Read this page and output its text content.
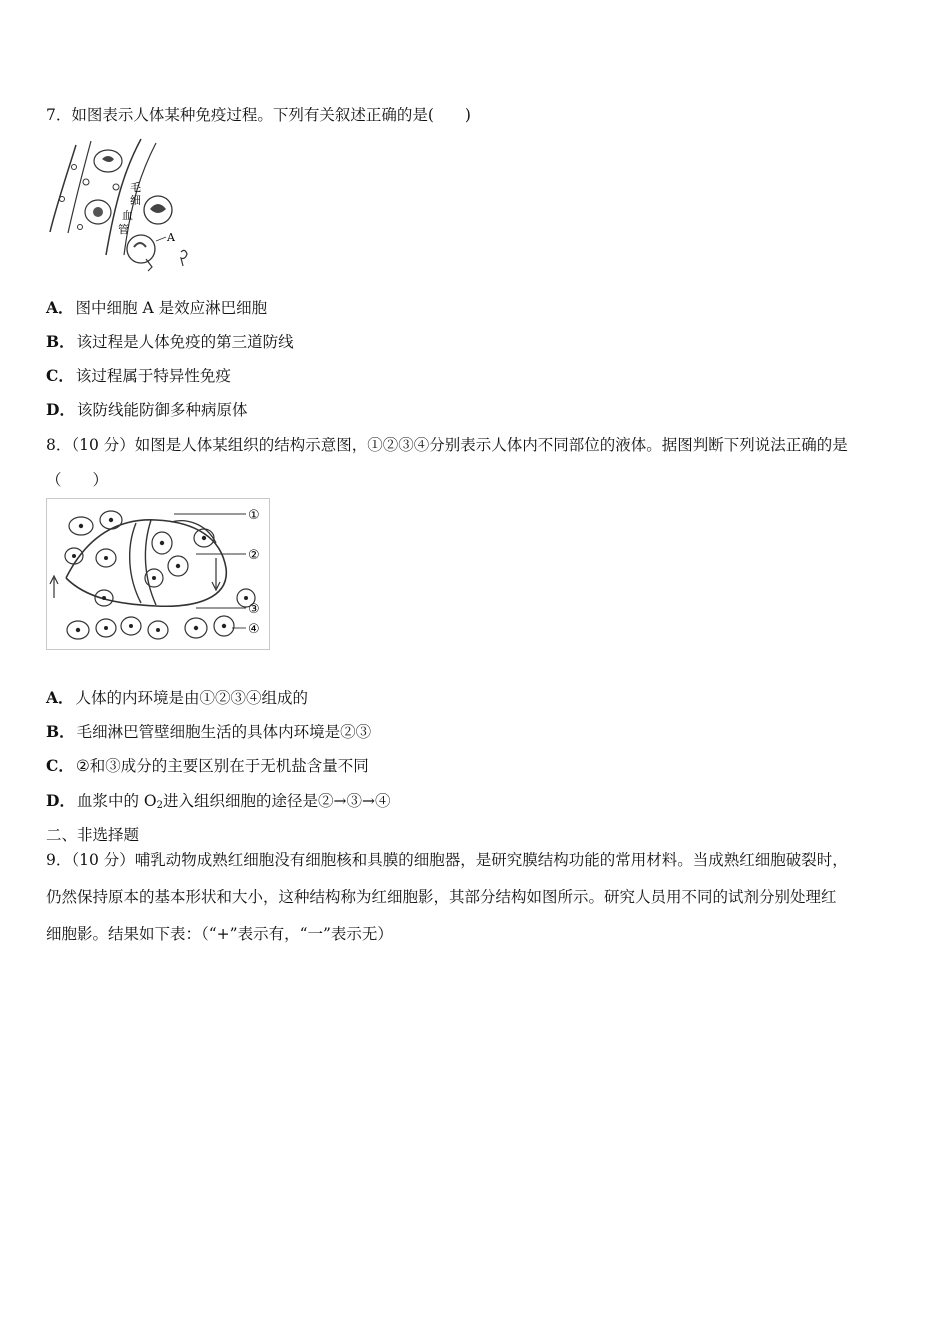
7．如图表示人体某种免疫过程。下列有关叙述正确的是(　　)
毛
细
血
管
A
A． 图中细胞 A 是效应淋巴细胞
B． 该过程是人体免疫的第三道防线
C． 该过程属于特异性免疫
D． 该防线能防御多种病原体
8．（10 分）如图是人体某组织的结构示意图，①②③④分别表示人体内不同部位的液体。据图判断下列说法正确的是
（　　）
①
②
③
④
A． 人体的内环境是由①②③④组成的
B． 毛细淋巴管壁细胞生活的具体内环境是②③
C． ②和③成分的主要区别在于无机盐含量不同
D． 血浆中的 $O_2$进入组织细胞的途径是②→③→④
二、非选择题
9．（10 分）哺乳动物成熟红细胞没有细胞核和具膜的细胞器，是研究膜结构功能的常用材料。当成熟红细胞破裂时，
仍然保持原本的基本形状和大小，这种结构称为红细胞影，其部分结构如图所示。研究人员用不同的试剂分别处理红
细胞影。结果如下表：（“+”表示有，“一”表示无）
